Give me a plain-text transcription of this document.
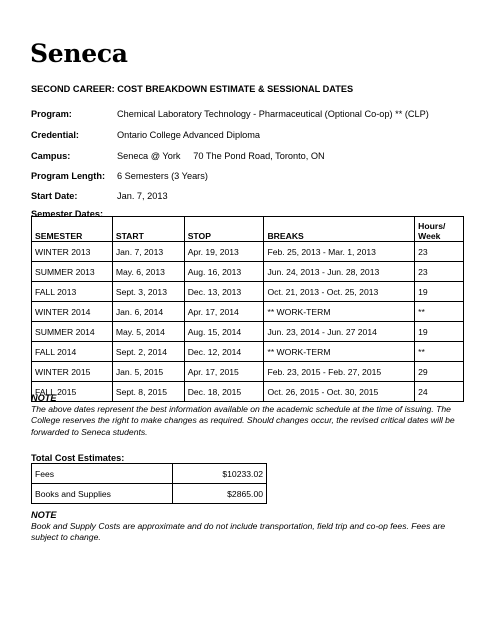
Seneca
SECOND CAREER: COST BREAKDOWN ESTIMATE & SESSIONAL DATES
Program:	Chemical Laboratory Technology - Pharmaceutical (Optional Co-op) ** (CLP)
Credential:	Ontario College Advanced Diploma
Campus:	Seneca @ York     70 The Pond Road, Toronto, ON
Program Length: 6 Semesters (3 Years)
Start Date:	Jan. 7, 2013
Semester Dates:
SEMESTER	START	STOP	BREAKS	Hours/ Week
WINTER 2013	Jan. 7, 2013	Apr. 19, 2013	Feb. 25, 2013 - Mar. 1, 2013	23
SUMMER 2013	May. 6, 2013	Aug. 16, 2013	Jun. 24, 2013 - Jun. 28, 2013	23
FALL 2013	Sept. 3, 2013	Dec. 13, 2013	Oct. 21, 2013 - Oct. 25, 2013	19
WINTER 2014	Jan. 6, 2014	Apr. 17, 2014	** WORK-TERM	**
SUMMER 2014	May. 5, 2014	Aug. 15, 2014	Jun. 23, 2014 - Jun. 27 2014	19
FALL 2014	Sept. 2, 2014	Dec. 12, 2014	** WORK-TERM	**
WINTER 2015	Jan. 5, 2015	Apr. 17, 2015	Feb. 23, 2015 - Feb. 27, 2015	29
FALL 2015	Sept. 8, 2015	Dec. 18, 2015	Oct. 26, 2015 - Oct. 30, 2015	24
NOTE
The above dates represent the best information available on the academic schedule at the time of issuing. The College reserves the right to make changes as required. Should changes occur, the revised critical dates will be forwarded to Seneca students.
Total Cost Estimates:
Fees	$10233.02
Books and Supplies	$2865.00
NOTE
Book and Supply Costs are approximate and do not include transportation, field trip and co-op fees. Fees are subject to change.
